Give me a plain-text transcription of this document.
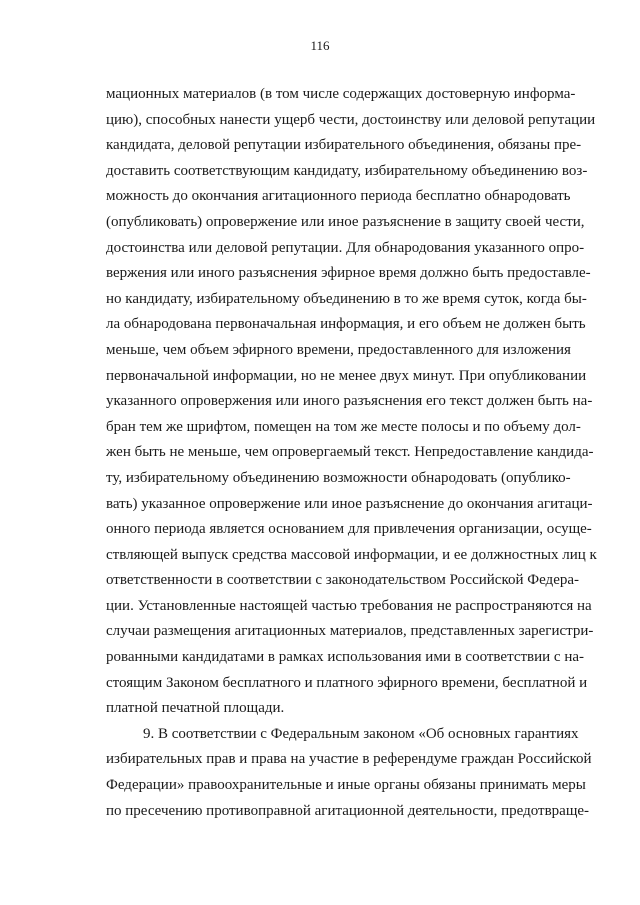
116
мационных материалов (в том числе содержащих достоверную информа-
цию), способных нанести ущерб чести, достоинству или деловой репутации
кандидата, деловой репутации избирательного объединения, обязаны пре-
доставить соответствующим кандидату, избирательному объединению воз-
можность до окончания агитационного периода бесплатно обнародовать
(опубликовать) опровержение или иное разъяснение в защиту своей чести,
достоинства или деловой репутации. Для обнародования указанного опро-
вержения или иного разъяснения эфирное время должно быть предоставле-
но кандидату, избирательному объединению в то же время суток, когда бы-
ла обнародована первоначальная информация, и его объем не должен быть
меньше, чем объем эфирного времени, предоставленного для изложения
первоначальной информации, но не менее двух минут. При опубликовании
указанного опровержения или иного разъяснения его текст должен быть на-
бран тем же шрифтом, помещен на том же месте полосы и по объему дол-
жен быть не меньше, чем опровергаемый текст. Непредоставление кандида-
ту, избирательному объединению возможности обнародовать (опублико-
вать) указанное опровержение или иное разъяснение до окончания агитаци-
онного периода является основанием для привлечения организации, осуще-
ствляющей выпуск средства массовой информации, и ее должностных лиц к
ответственности в соответствии с законодательством Российской Федера-
ции. Установленные настоящей частью требования не распространяются на
случаи размещения агитационных материалов, представленных зарегистри-
рованными кандидатами в рамках использования ими в соответствии с на-
стоящим Законом бесплатного и платного эфирного времени, бесплатной и
платной печатной площади.
9. В соответствии с Федеральным законом «Об основных гарантиях
избирательных прав и права на участие в референдуме граждан Российской
Федерации» правоохранительные и иные органы обязаны принимать меры
по пресечению противоправной агитационной деятельности, предотвраще-
